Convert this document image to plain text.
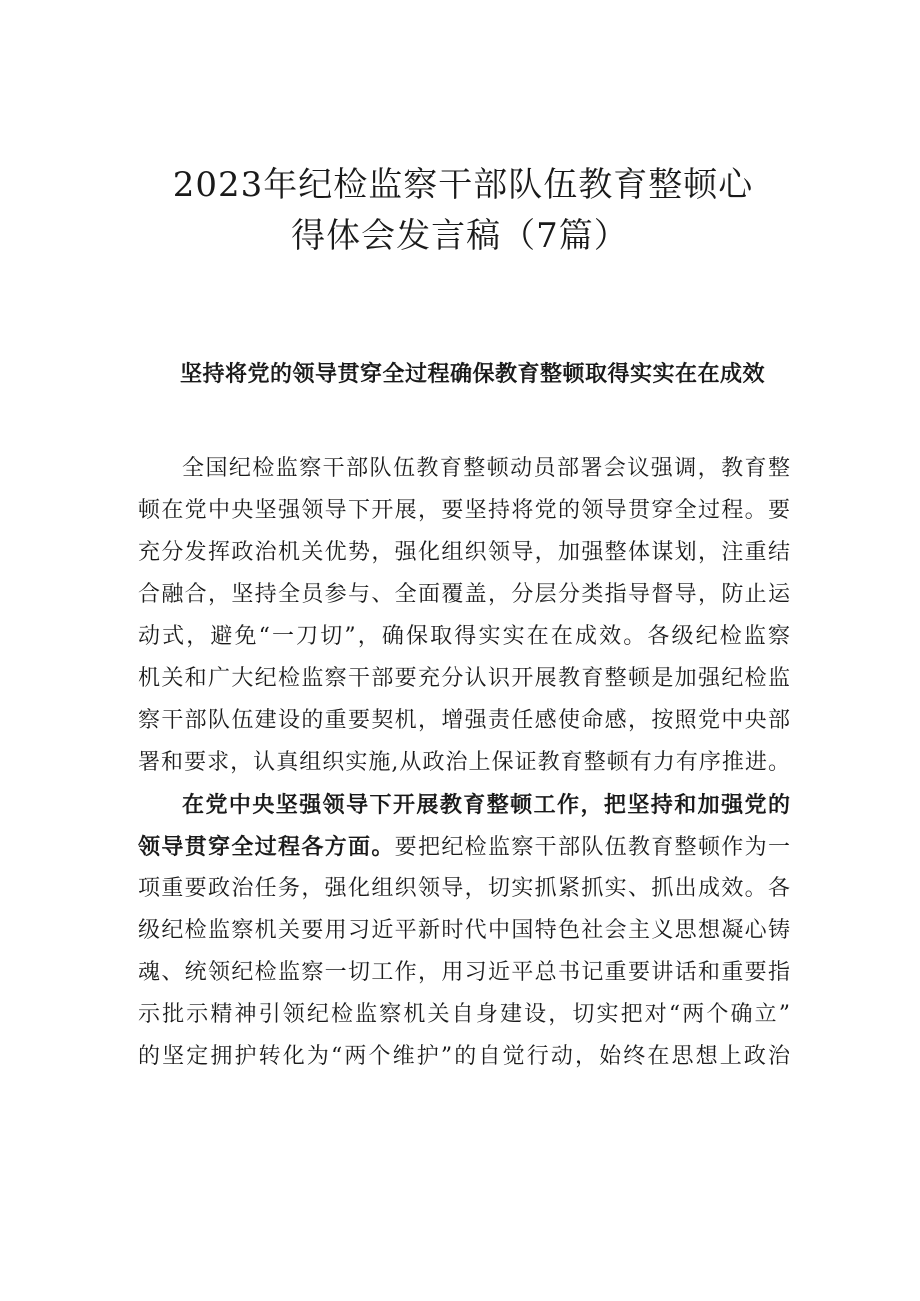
2023年纪检监察干部队伍教育整顿心
得体会发言稿（7篇）
坚持将党的领导贯穿全过程确保教育整顿取得实实在在成效
全国纪检监察干部队伍教育整顿动员部署会议强调，教育整
顿在党中央坚强领导下开展，要坚持将党的领导贯穿全过程。要
充分发挥政治机关优势，强化组织领导，加强整体谋划，注重结
合融合，坚持全员参与、全面覆盖，分层分类指导督导，防止运
动式，避免“一刀切”，确保取得实实在在成效。各级纪检监察
机关和广大纪检监察干部要充分认识开展教育整顿是加强纪检监
察干部队伍建设的重要契机，增强责任感使命感，按照党中央部
署和要求，认真组织实施,从政治上保证教育整顿有力有序推进。
在党中央坚强领导下开展教育整顿工作，把坚持和加强党的
领导贯穿全过程各方面。要把纪检监察干部队伍教育整顿作为一
项重要政治任务，强化组织领导，切实抓紧抓实、抓出成效。各
级纪检监察机关要用习近平新时代中国特色社会主义思想凝心铸
魂、统领纪检监察一切工作，用习近平总书记重要讲话和重要指
示批示精神引领纪检监察机关自身建设，切实把对“两个确立”
的坚定拥护转化为“两个维护”的自觉行动，始终在思想上政治
